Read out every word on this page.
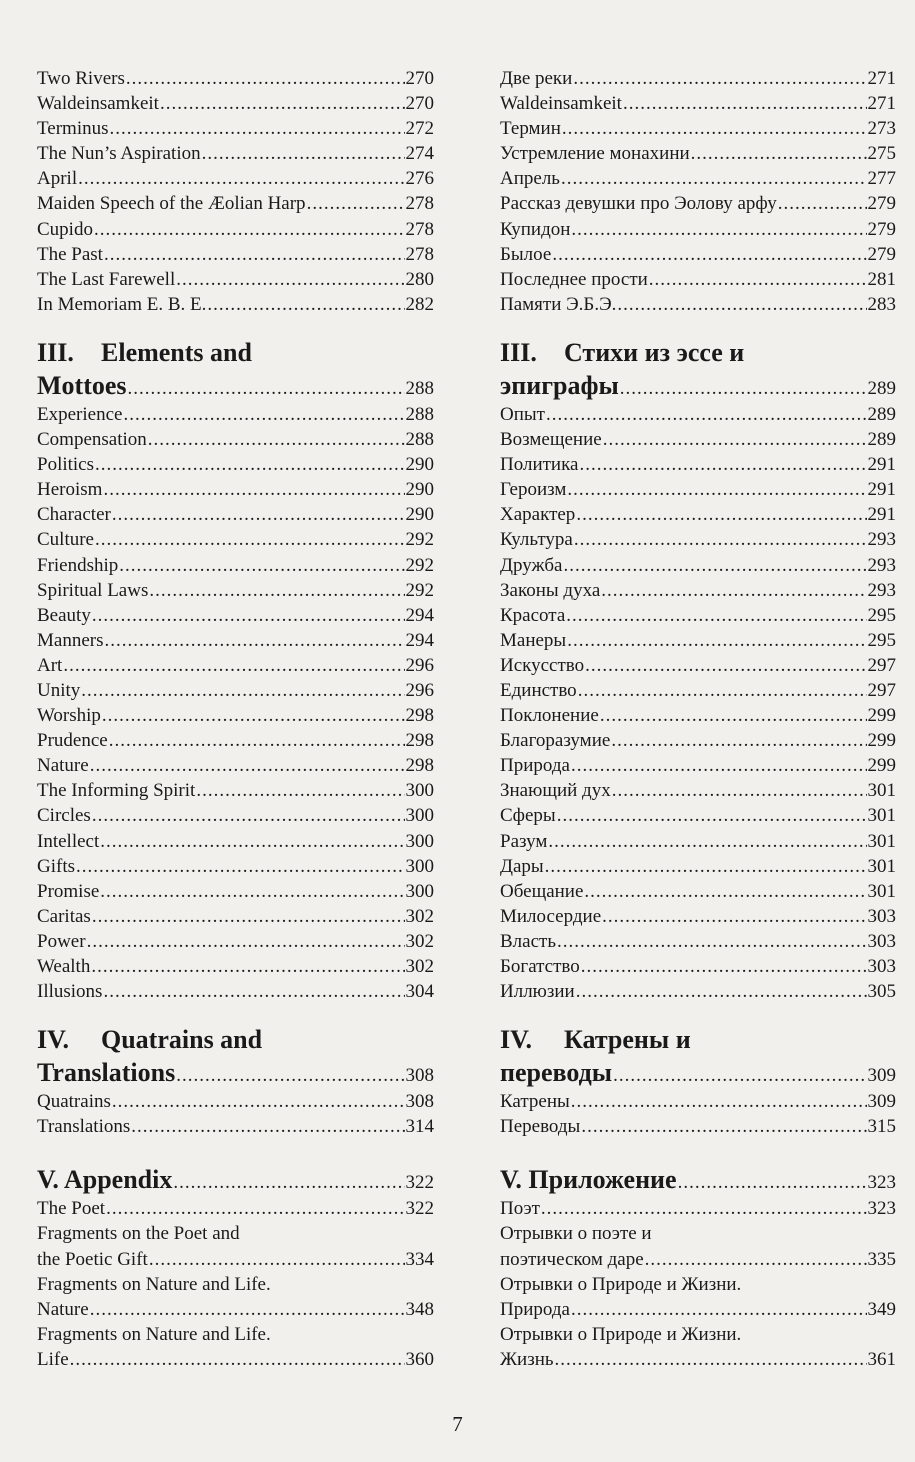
Two Rivers .....	270
Waldeinsamkeit .....	270
Terminus .....	272
The Nun’s Aspiration .....	274
April .....	276
Maiden Speech of the Æolian Harp .....	278
Cupido .....	278
The Past .....	278
The Last Farewell .....	280
In Memoriam E. B. E. .....	282
III. Elements and
Mottoes .....	288
Experience .....	288
Compensation .....	288
Politics .....	290
Heroism .....	290
Character .....	290
Culture .....	292
Friendship .....	292
Spiritual Laws .....	292
Beauty .....	294
Manners .....	294
Art .....	296
Unity .....	296
Worship .....	298
Prudence .....	298
Nature .....	298
The Informing Spirit .....	300
Circles .....	300
Intellect .....	300
Gifts .....	300
Promise .....	300
Caritas .....	302
Power .....	302
Wealth .....	302
Illusions .....	304
IV. Quatrains and
Translations .....	308
Quatrains .....	308
Translations .....	314
V. Appendix .....	322
The Poet .....	322
Fragments on the Poet and
the Poetic Gift .....	334
Fragments on Nature and Life.
Nature .....	348
Fragments on Nature and Life.
Life .....	360
Две реки .....	271
Waldeinsamkeit .....	271
Термин .....	273
Устремление монахини .....	275
Апрель .....	277
Рассказ девушки про Эолову арфу .....	279
Купидон .....	279
Былое .....	279
Последнее прости .....	281
Памяти Э.Б.Э. .....	283
III. Стихи из эссе и
эпиграфы .....	289
Опыт .....	289
Возмещение .....	289
Политика .....	291
Героизм .....	291
Характер .....	291
Культура .....	293
Дружба .....	293
Законы духа .....	293
Красота .....	295
Манеры .....	295
Искусство .....	297
Единство .....	297
Поклонение .....	299
Благоразумие .....	299
Природа .....	299
Знающий дух .....	301
Сферы .....	301
Разум .....	301
Дары .....	301
Обещание .....	301
Милосердие .....	303
Власть .....	303
Богатство .....	303
Иллюзии .....	305
IV. Катрены и
переводы .....	309
Катрены .....	309
Переводы .....	315
V. Приложение .....	323
Поэт .....	323
Отрывки о поэте и
поэтическом даре .....	335
Отрывки о Природе и Жизни.
Природа .....	349
Отрывки о Природе и Жизни.
Жизнь .....	361
7
